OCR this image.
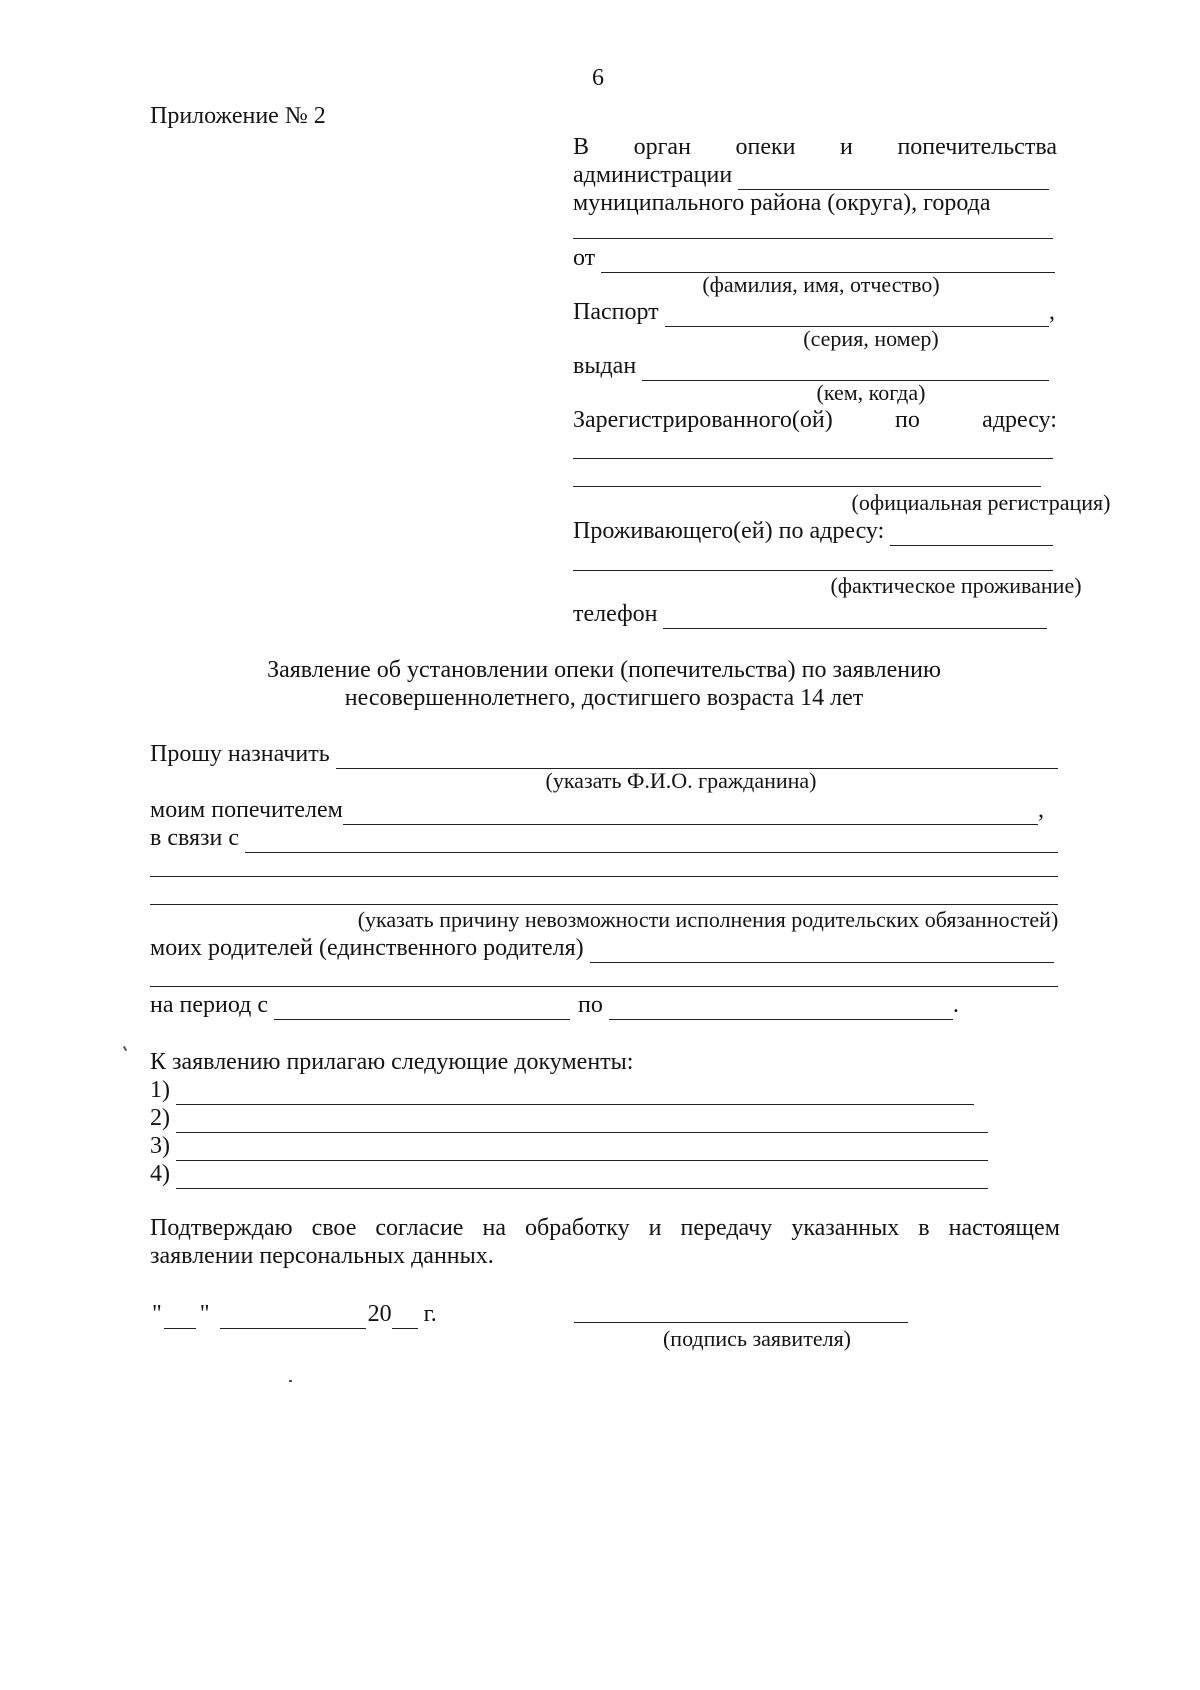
6
Приложение № 2
В орган опеки и попечительства
администрации
муниципального района (округа), города
от
(фамилия, имя, отчество)
Паспорт	,
(серия, номер)
выдан
(кем, когда)
Зарегистрированного(ой)	по	адресу:
(официальная регистрация)
Проживающего(ей) по адресу:
(фактическое проживание)
телефон
Заявление об установлении опеки (попечительства) по заявлению
несовершеннолетнего, достигшего возраста 14 лет
Прошу назначить
(указать Ф.И.О. гражданина)
моим попечителем	,
в связи с
(указать причину невозможности исполнения родительских обязанностей)
моих родителей (единственного родителя)
на период с	по	.
К заявлению прилагаю следующие документы:
1)
2)
3)
4)
Подтверждаю свое согласие на обработку и передачу указанных в настоящем
заявлении персональных данных.
" "	20 г.
(подпись заявителя)
